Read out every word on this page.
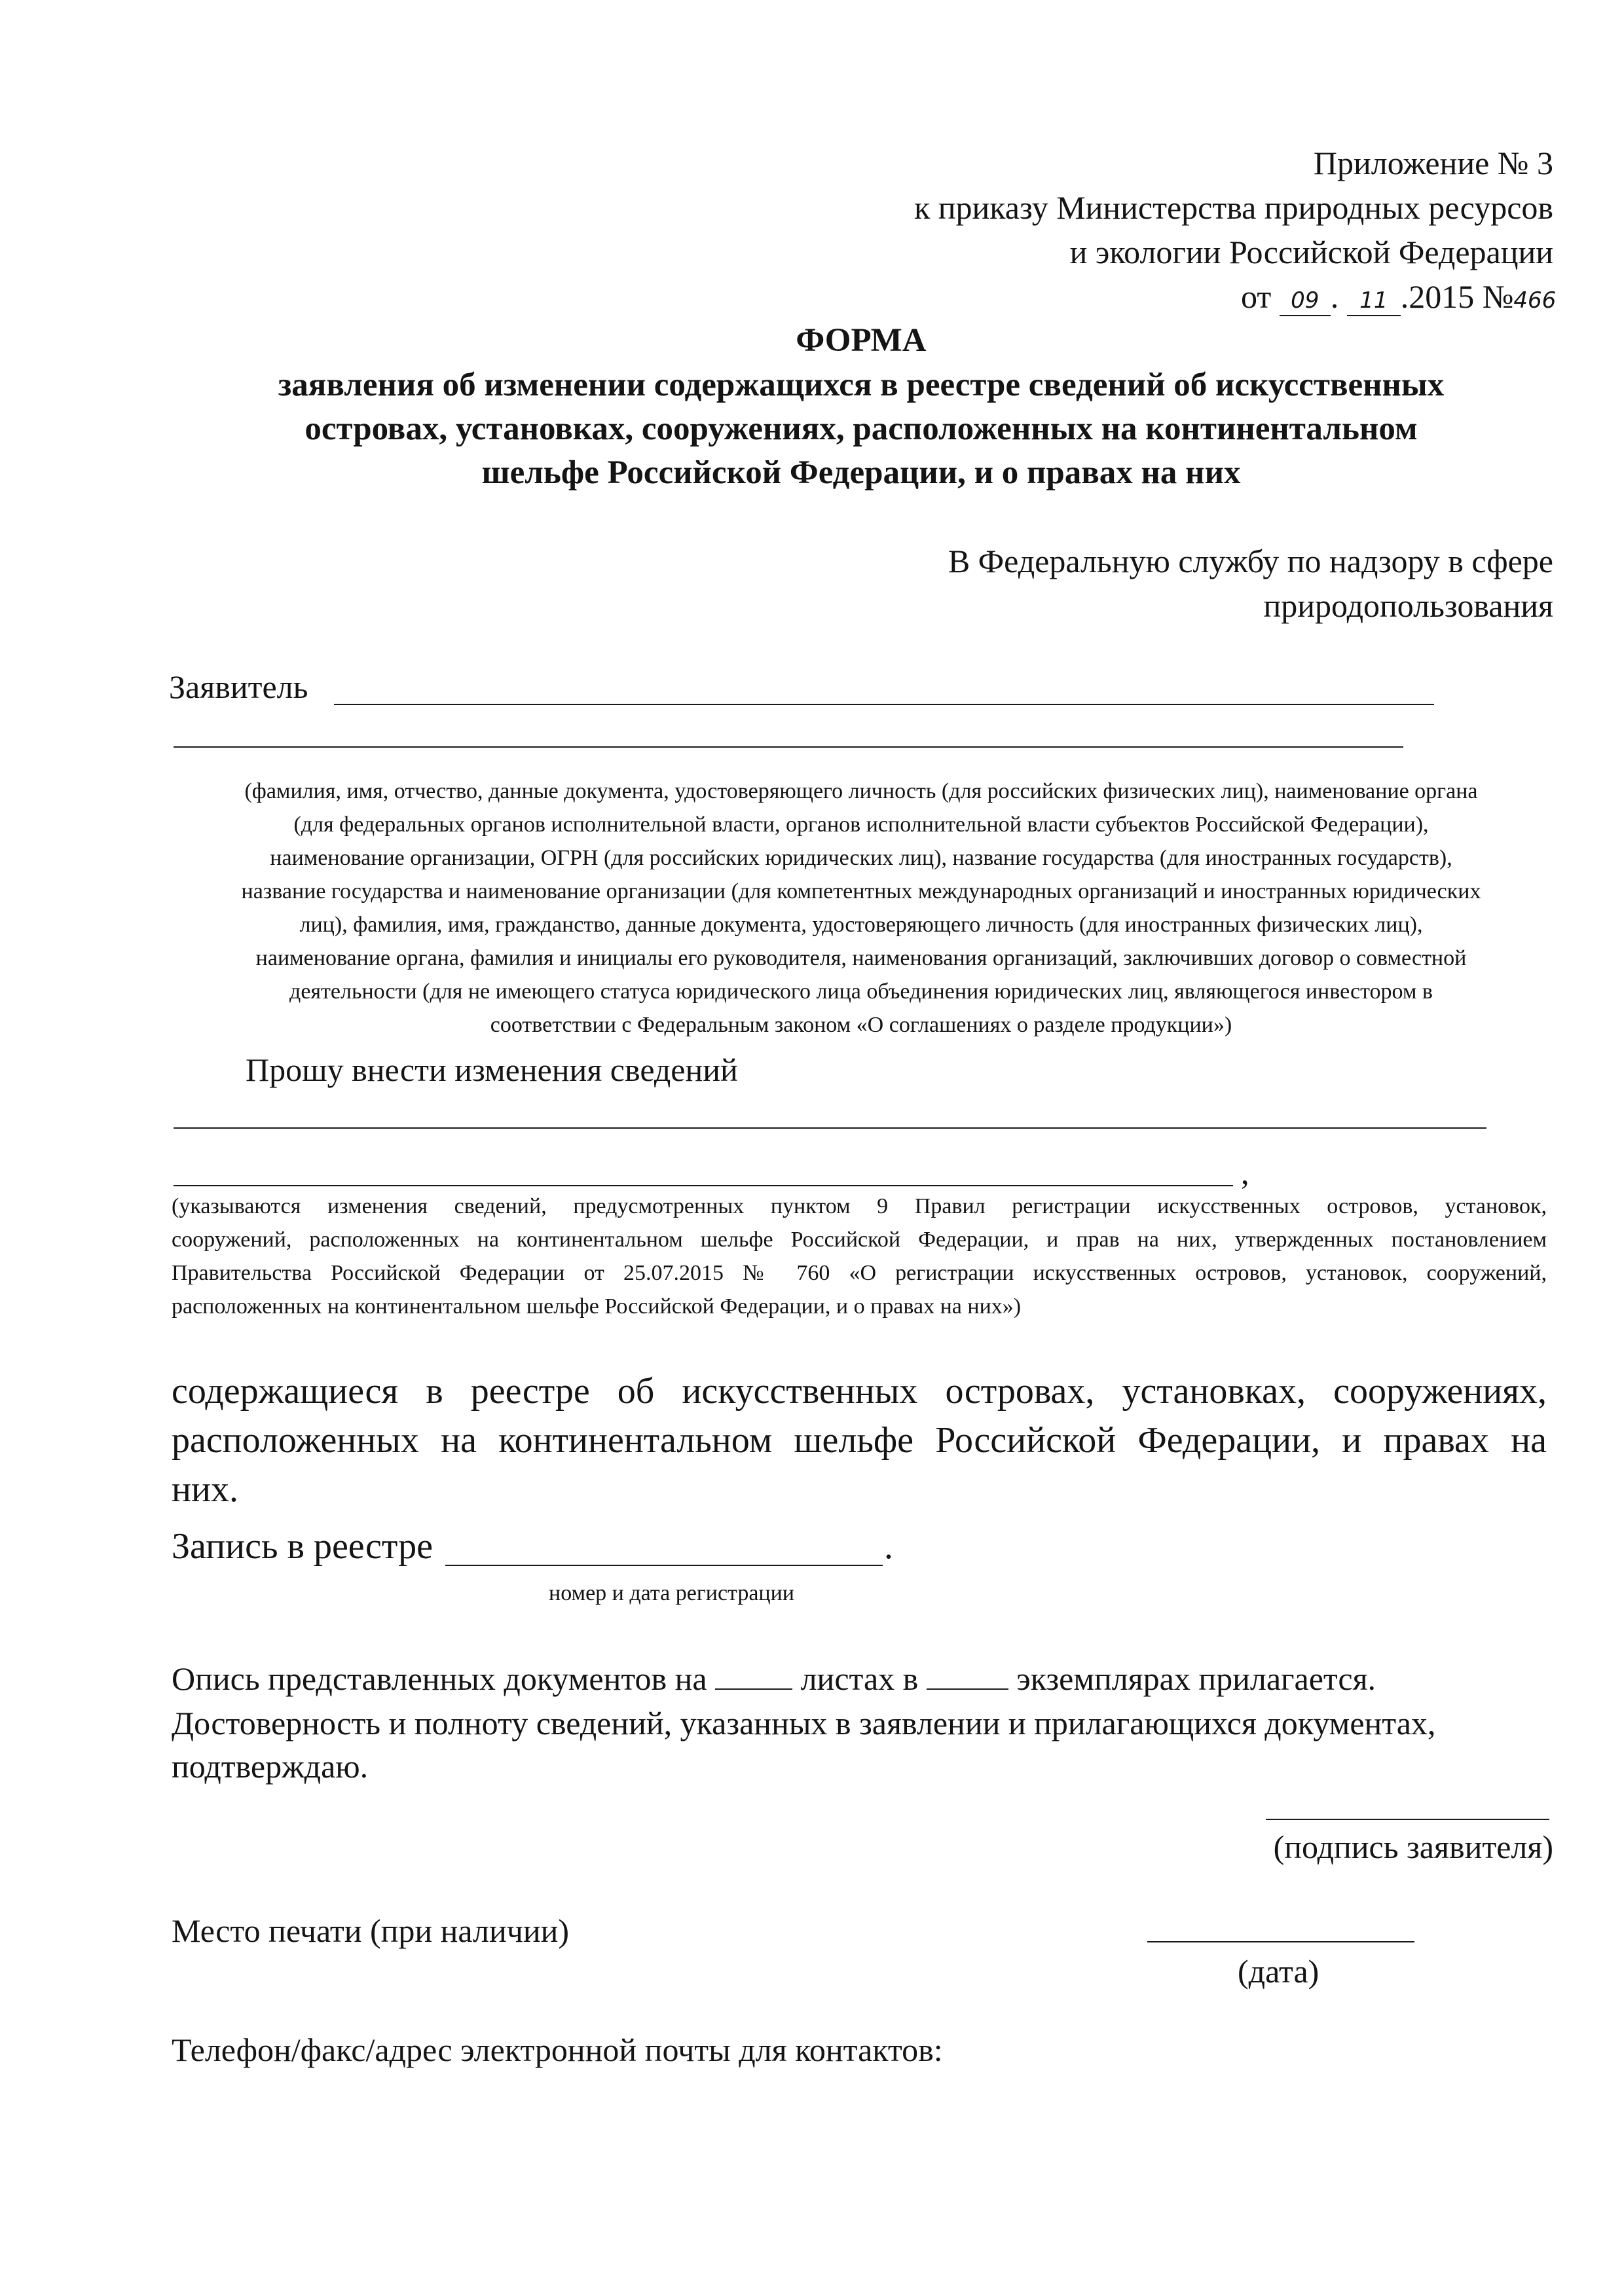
Приложение № 3
к приказу Министерства природных ресурсов
и экологии Российской Федерации
от 09 . 11 .2015 №466
ФОРМА
заявления об изменении содержащихся в реестре сведений об искусственных
островах, установках, сооружениях, расположенных на континентальном
шельфе Российской Федерации, и о правах на них
В Федеральную службу по надзору в сфере
природопользования
Заявитель
(фамилия, имя, отчество, данные документа, удостоверяющего личность (для российских физических лиц), наименование органа
(для федеральных органов исполнительной власти, органов исполнительной власти субъектов Российской Федерации),
наименование организации, ОГРН (для российских юридических лиц), название государства (для иностранных государств),
название государства и наименование организации (для компетентных международных организаций и иностранных юридических
лиц), фамилия, имя, гражданство, данные документа, удостоверяющего личность (для иностранных физических лиц),
наименование органа, фамилия и инициалы его руководителя, наименования организаций, заключивших договор о совместной
деятельности (для не имеющего статуса юридического лица объединения юридических лиц, являющегося инвестором в
соответствии с Федеральным законом «О соглашениях о разделе продукции»)
Прошу внести изменения сведений
,
(указываются изменения сведений, предусмотренных пунктом 9 Правил регистрации искусственных островов, установок,
сооружений, расположенных на континентальном шельфе Российской Федерации, и прав на них, утвержденных постановлением
Правительства Российской Федерации от 25.07.2015 № 760 «О регистрации искусственных островов, установок, сооружений,
расположенных на континентальном шельфе Российской Федерации, и о правах на них»)
содержащиеся в реестре об искусственных островах, установках, сооружениях,
расположенных на континентальном шельфе Российской Федерации, и правах на
них.
Запись в реестре	.
номер и дата регистрации
Опись представленных документов на	листах в	экземплярах прилагается.
Достоверность и полноту сведений, указанных в заявлении и прилагающихся документах,
подтверждаю.
(подпись заявителя)
Место печати (при наличии)
(дата)
Телефон/факс/адрес электронной почты для контактов:
